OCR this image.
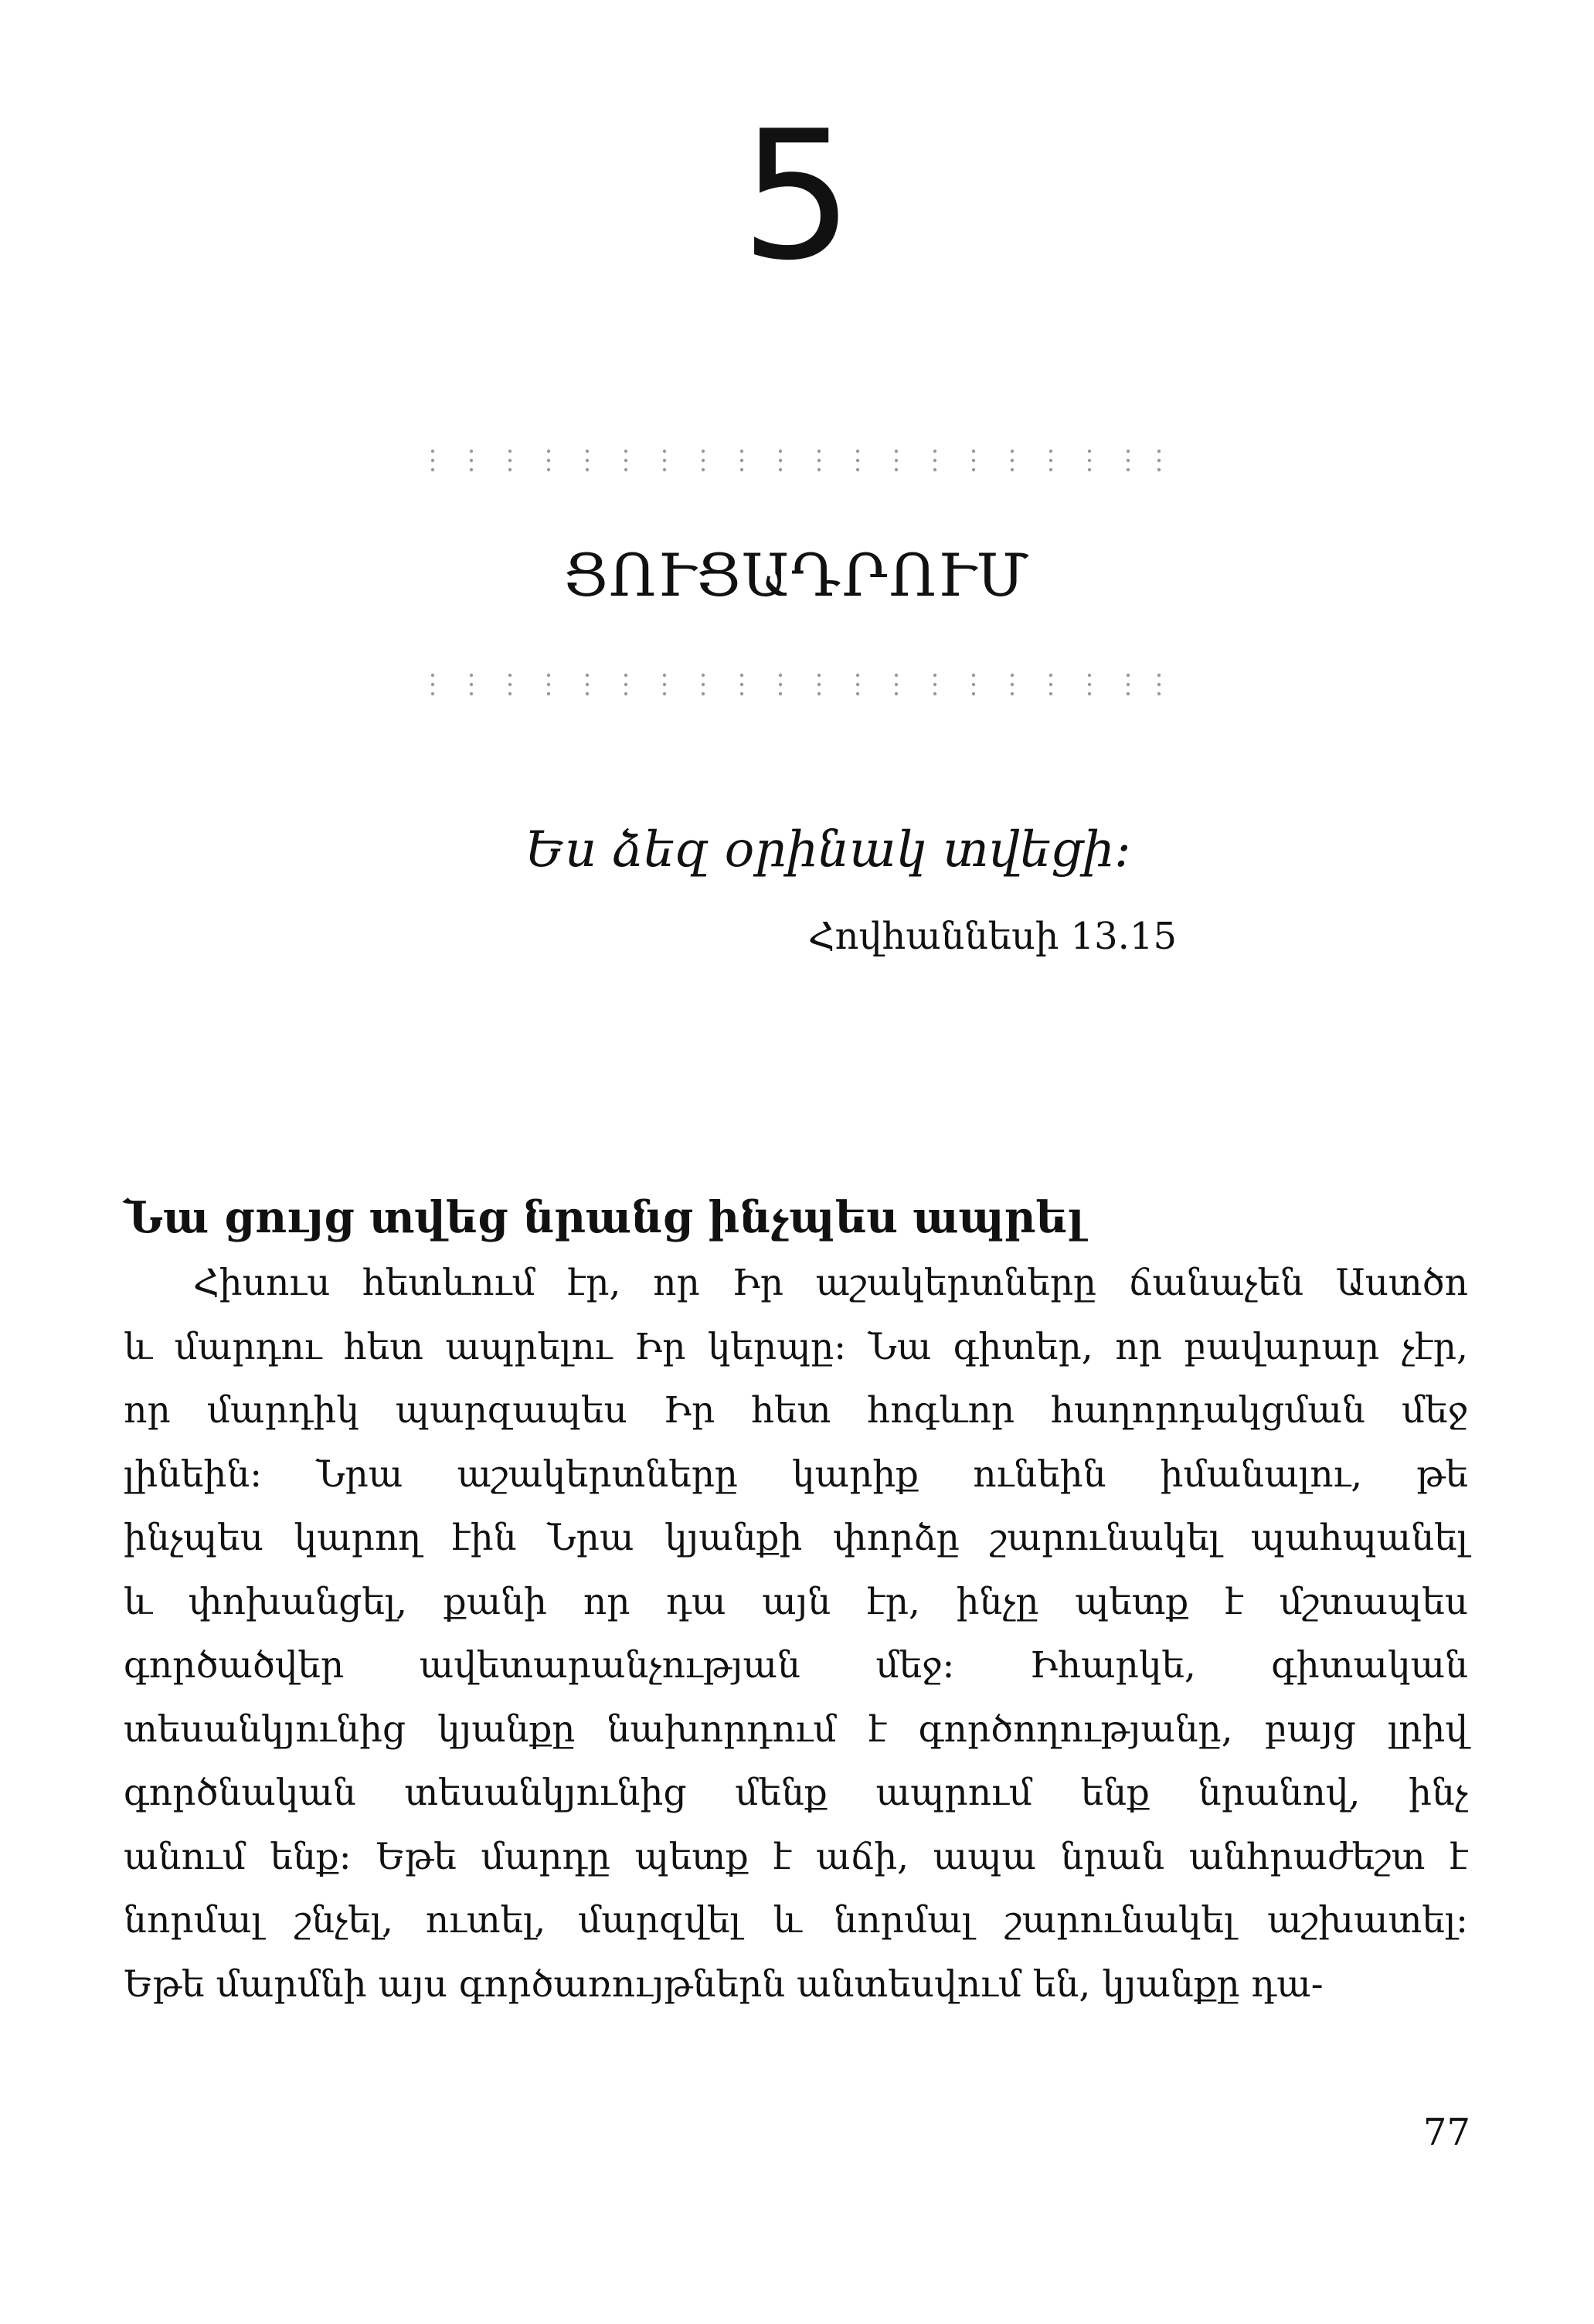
5
ՑՈՒՑԱԴՐՈՒՄ
Ես ձեզ օրինակ տվեցի:
Հովհաննեսի 13.15
Նա ցույց տվեց նրանց ինչպես ապրել
Հիսուս հետևում էր, որ Իր աշակերտները ճանաչեն Աստծո
և մարդու հետ ապրելու Իր կերպը: Նա գիտեր, որ բավարար չէր,
որ մարդիկ պարզապես Իր հետ հոգևոր հաղորդակցման մեջ
լինեին: Նրա աշակերտները կարիք ունեին իմանալու, թե
ինչպես կարող էին Նրա կյանքի փորձը շարունակել պահպանել
և փոխանցել, քանի որ դա այն էր, ինչը պետք է մշտապես
գործածվեր ավետարանչության մեջ: Իհարկե, գիտական
տեսանկյունից կյանքը նախորդում է գործողությանը, բայց լրիվ
գործնական տեսանկյունից մենք ապրում ենք նրանով, ինչ
անում ենք: Եթե մարդը պետք է աճի, ապա նրան անհրաժեշտ է
նորմալ շնչել, ուտել, մարզվել և նորմալ շարունակել աշխատել:
Եթե մարմնի այս գործառույթներն անտեսվում են, կյանքը դա-
77
